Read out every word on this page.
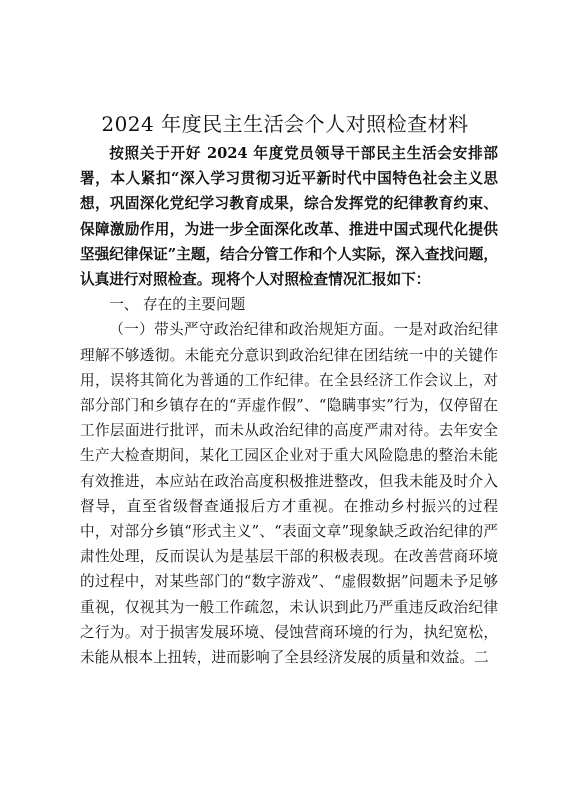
2024 年度民主生活会个人对照检查材料

按照关于开好 2024 年度党员领导干部民主生活会安排部署，本人紧扣“深入学习贯彻习近平新时代中国特色社会主义思想，巩固深化党纪学习教育成果，综合发挥党的纪律教育约束、保障激励作用，为进一步全面深化改革、推进中国式现代化提供坚强纪律保证”主题，结合分管工作和个人实际，深入查找问题，认真进行对照检查。现将个人对照检查情况汇报如下：

一、 存在的主要问题

（一）带头严守政治纪律和政治规矩方面。一是对政治纪律理解不够透彻。未能充分意识到政治纪律在团结统一中的关键作用，误将其简化为普通的工作纪律。在全县经济工作会议上，对部分部门和乡镇存在的“弄虚作假”、“隐瞒事实”行为，仅停留在工作层面进行批评，而未从政治纪律的高度严肃对待。去年安全生产大检查期间，某化工园区企业对于重大风险隐患的整治未能有效推进，本应站在政治高度积极推进整改，但我未能及时介入督导，直至省级督查通报后方才重视。在推动乡村振兴的过程中，对部分乡镇“形式主义”、“表面文章”现象缺乏政治纪律的严肃性处理，反而误认为是基层干部的积极表现。在改善营商环境的过程中，对某些部门的“数字游戏”、“虚假数据”问题未予足够重视，仅视其为一般工作疏忽，未认识到此乃严重违反政治纪律之行为。对于损害发展环境、侵蚀营商环境的行为，执纪宽松，未能从根本上扭转，进而影响了全县经济发展的质量和效益。二
